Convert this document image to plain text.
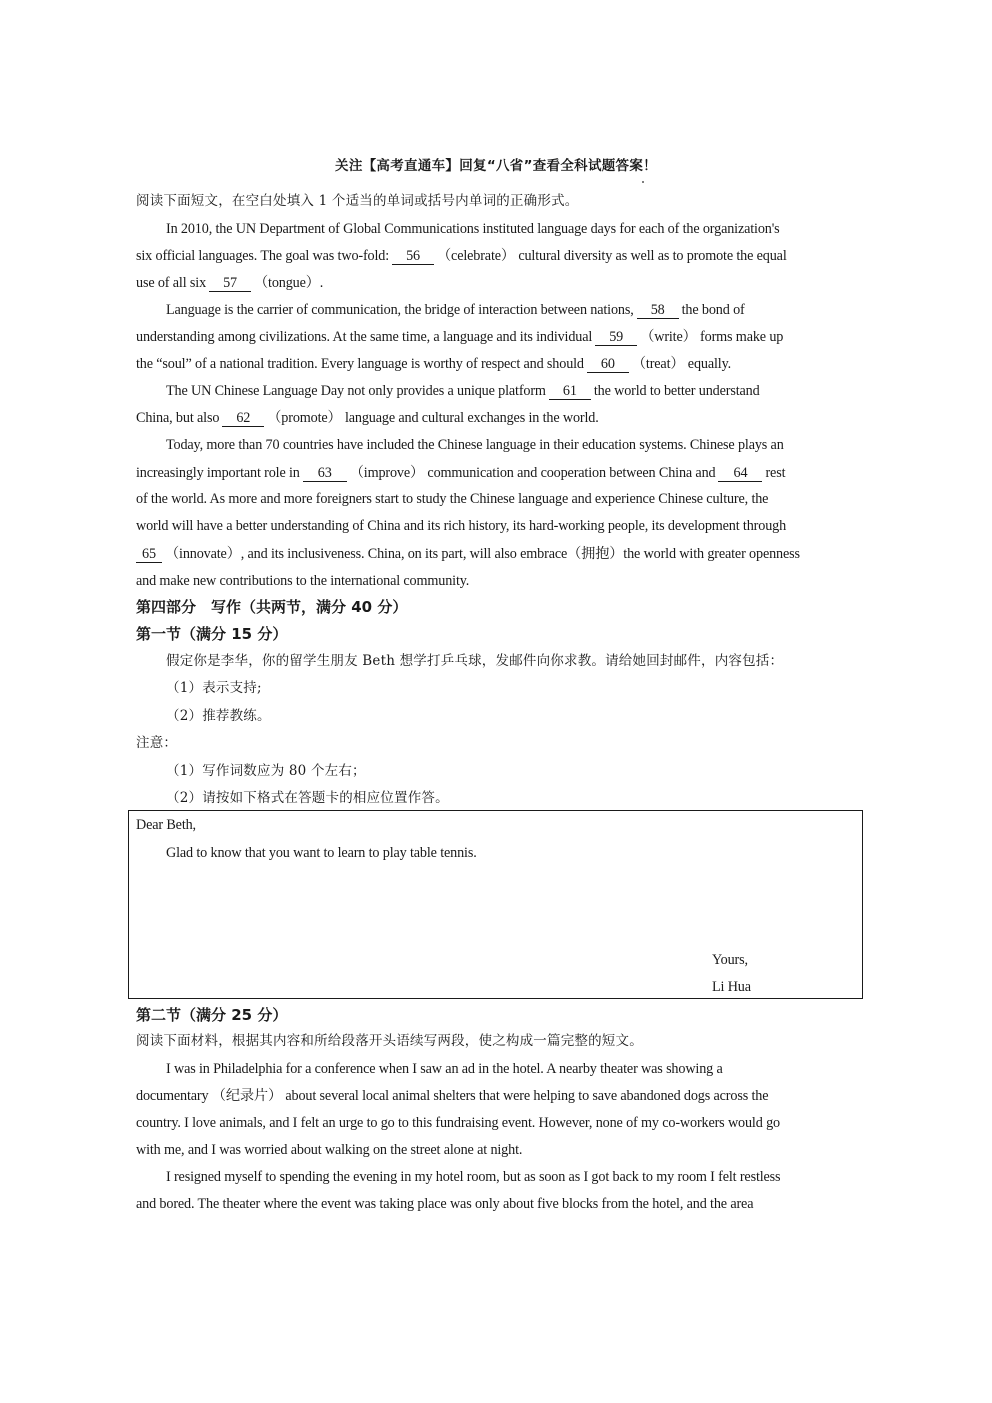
关注【高考直通车】回复“八省”查看全科试题答案！
阅读下面短文，在空白处填入 1 个适当的单词或括号内单词的正确形式。
In 2010, the UN Department of Global Communications instituted language days for each of the organization's
six official languages. The goal was two-fold: 56 （celebrate） cultural diversity as well as to promote the equal
use of all six 57 （tongue）.
Language is the carrier of communication, the bridge of interaction between nations, 58 the bond of
understanding among civilizations. At the same time, a language and its individual 59 （write） forms make up
the “soul” of a national tradition. Every language is worthy of respect and should 60 （treat） equally.
The UN Chinese Language Day not only provides a unique platform 61 the world to better understand
China, but also 62 （promote） language and cultural exchanges in the world.
Today, more than 70 countries have included the Chinese language in their education systems. Chinese plays an
increasingly important role in 63 （improve） communication and cooperation between China and 64 rest
of the world. As more and more foreigners start to study the Chinese language and experience Chinese culture, the
world will have a better understanding of China and its rich history, its hard-working people, its development through
65 （innovate）, and its inclusiveness. China, on its part, will also embrace（拥抱）the world with greater openness
and make new contributions to the international community.
第四部分　写作（共两节，满分 40 分）
第一节（满分 15 分）
假定你是李华，你的留学生朋友 Beth 想学打乒乓球，发邮件向你求教。请给她回封邮件，内容包括：
（1）表示支持;
（2）推荐教练。
注意：
（1）写作词数应为 80 个左右；
（2）请按如下格式在答题卡的相应位置作答。
Dear Beth,
Glad to know that you want to learn to play table tennis.
Yours,
Li Hua
第二节（满分 25 分）
阅读下面材料，根据其内容和所给段落开头语续写两段，使之构成一篇完整的短文。
I was in Philadelphia for a conference when I saw an ad in the hotel. A nearby theater was showing a
documentary （纪录片） about several local animal shelters that were helping to save abandoned dogs across the
country. I love animals, and I felt an urge to go to this fundraising event. However, none of my co-workers would go
with me, and I was worried about walking on the street alone at night.
I resigned myself to spending the evening in my hotel room, but as soon as I got back to my room I felt restless
and bored. The theater where the event was taking place was only about five blocks from the hotel, and the area
